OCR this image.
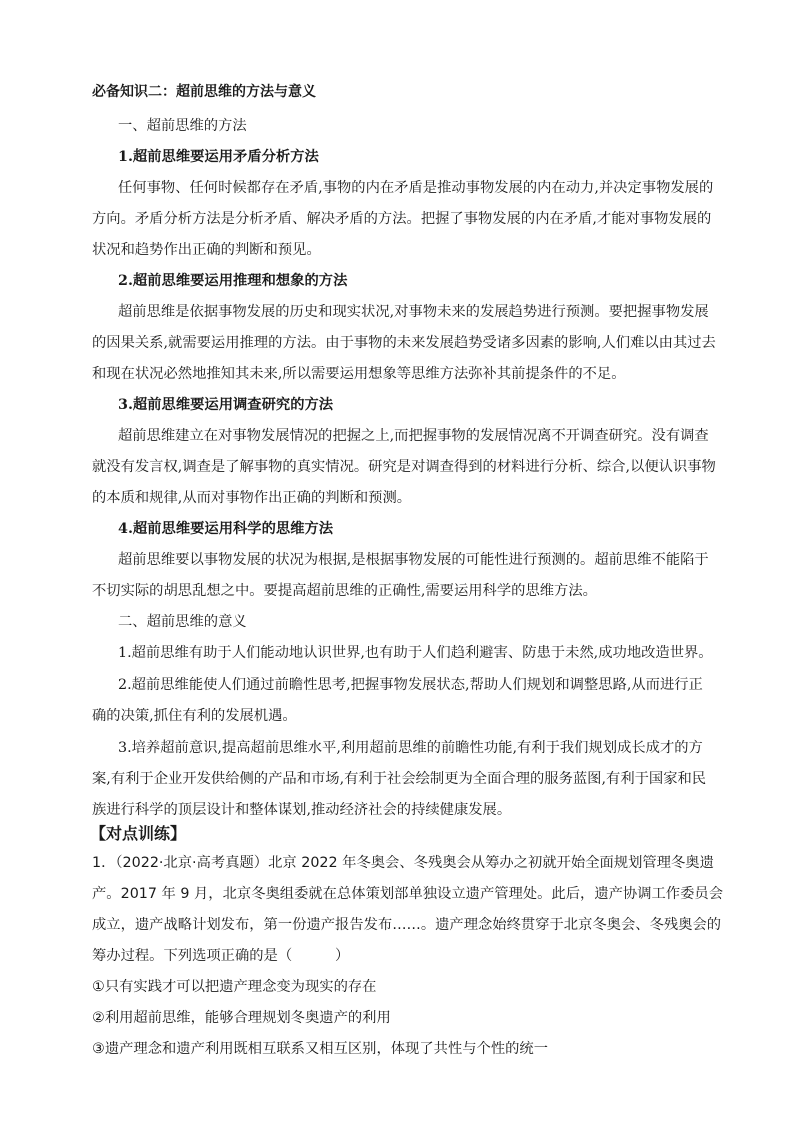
必备知识二：超前思维的方法与意义
一、超前思维的方法
1.超前思维要运用矛盾分析方法
任何事物、任何时候都存在矛盾,事物的内在矛盾是推动事物发展的内在动力,并决定事物发展的
方向。矛盾分析方法是分析矛盾、解决矛盾的方法。把握了事物发展的内在矛盾,才能对事物发展的
状况和趋势作出正确的判断和预见。
2.超前思维要运用推理和想象的方法
超前思维是依据事物发展的历史和现实状况,对事物未来的发展趋势进行预测。要把握事物发展
的因果关系,就需要运用推理的方法。由于事物的未来发展趋势受诸多因素的影响,人们难以由其过去
和现在状况必然地推知其未来,所以需要运用想象等思维方法弥补其前提条件的不足。
3.超前思维要运用调查研究的方法
超前思维建立在对事物发展情况的把握之上,而把握事物的发展情况离不开调查研究。没有调查
就没有发言权,调查是了解事物的真实情况。研究是对调查得到的材料进行分析、综合,以便认识事物
的本质和规律,从而对事物作出正确的判断和预测。
4.超前思维要运用科学的思维方法
超前思维要以事物发展的状况为根据,是根据事物发展的可能性进行预测的。超前思维不能陷于
不切实际的胡思乱想之中。要提高超前思维的正确性,需要运用科学的思维方法。
二、超前思维的意义
1.超前思维有助于人们能动地认识世界,也有助于人们趋利避害、防患于未然,成功地改造世界。
2.超前思维能使人们通过前瞻性思考,把握事物发展状态,帮助人们规划和调整思路,从而进行正
确的决策,抓住有利的发展机遇。
3.培养超前意识,提高超前思维水平,利用超前思维的前瞻性功能,有利于我们规划成长成才的方
案,有利于企业开发供给侧的产品和市场,有利于社会绘制更为全面合理的服务蓝图,有利于国家和民
族进行科学的顶层设计和整体谋划,推动经济社会的持续健康发展。
【对点训练】
1．（2022·北京·高考真题）北京 2022 年冬奥会、冬残奥会从筹办之初就开始全面规划管理冬奥遗
产。2017 年 9 月，北京冬奥组委就在总体策划部单独设立遗产管理处。此后，遗产协调工作委员会
成立，遗产战略计划发布，第一份遗产报告发布……。遗产理念始终贯穿于北京冬奥会、冬残奥会的
筹办过程。下列选项正确的是（　　　）
①只有实践才可以把遗产理念变为现实的存在
②利用超前思维，能够合理规划冬奥遗产的利用
③遗产理念和遗产利用既相互联系又相互区别，体现了共性与个性的统一
